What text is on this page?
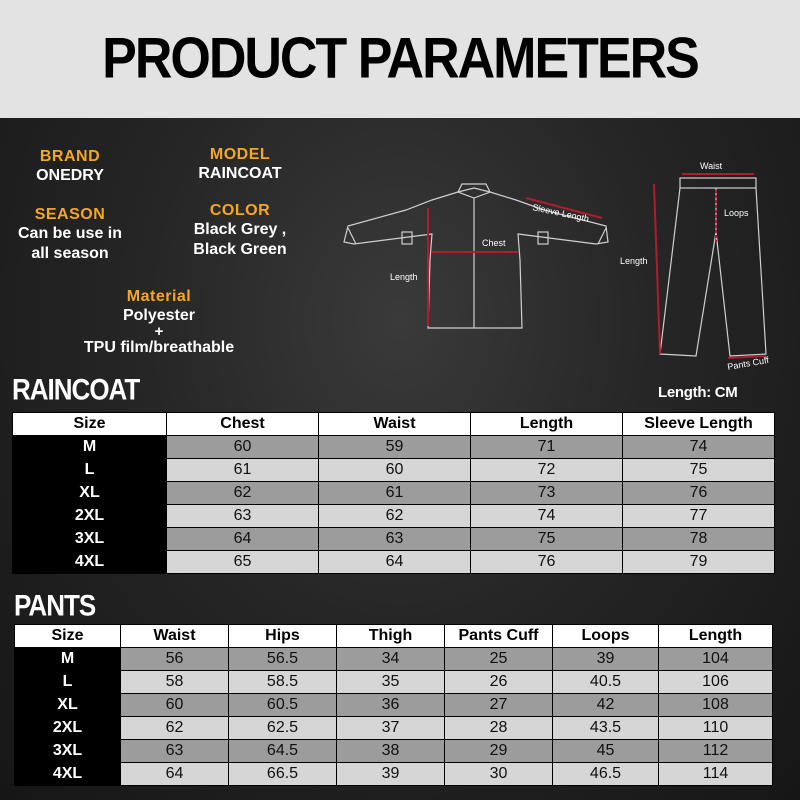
PRODUCT PARAMETERS
BRAND
ONEDRY
MODEL
RAINCOAT
SEASON
Can be use in
all season
COLOR
Black Grey ,
Black Green
Material
Polyester
+
TPU film/breathable
Chest
Sleeve Length
Length
Waist
Loops
Length
Pants Cuff
RAINCOAT	Length: CM
Size	Chest	Waist	Length	Sleeve Length
M	60	59	71	74
L	61	60	72	75
XL	62	61	73	76
2XL	63	62	74	77
3XL	64	63	75	78
4XL	65	64	76	79
PANTS
Size	Waist	Hips	Thigh	Pants Cuff	Loops	Length
M	56	56.5	34	25	39	104
L	58	58.5	35	26	40.5	106
XL	60	60.5	36	27	42	108
2XL	62	62.5	37	28	43.5	110
3XL	63	64.5	38	29	45	112
4XL	64	66.5	39	30	46.5	114
